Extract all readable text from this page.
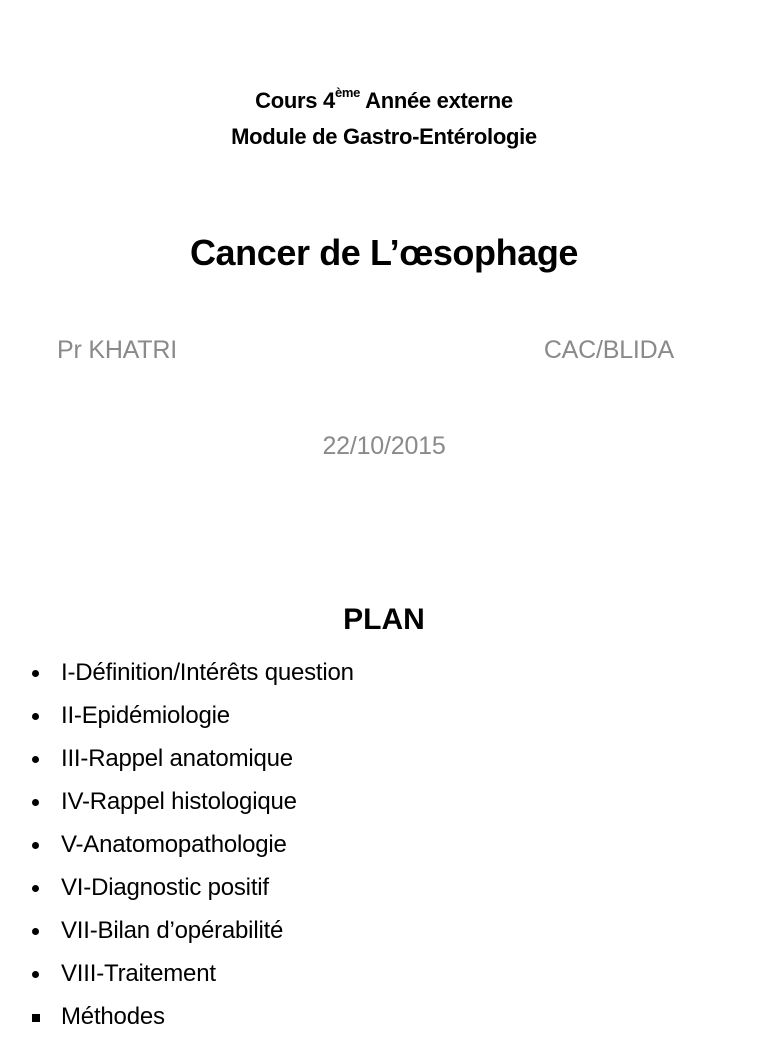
Cours 4ème Année externe
Module de Gastro-Entérologie
Cancer de L’œsophage
Pr KHATRI	CAC/BLIDA
22/10/2015
PLAN
I-Définition/Intérêts question
II-Epidémiologie
III-Rappel anatomique
IV-Rappel histologique
V-Anatomopathologie
VI-Diagnostic positif
VII-Bilan d’opérabilité
VIII-Traitement
Méthodes
